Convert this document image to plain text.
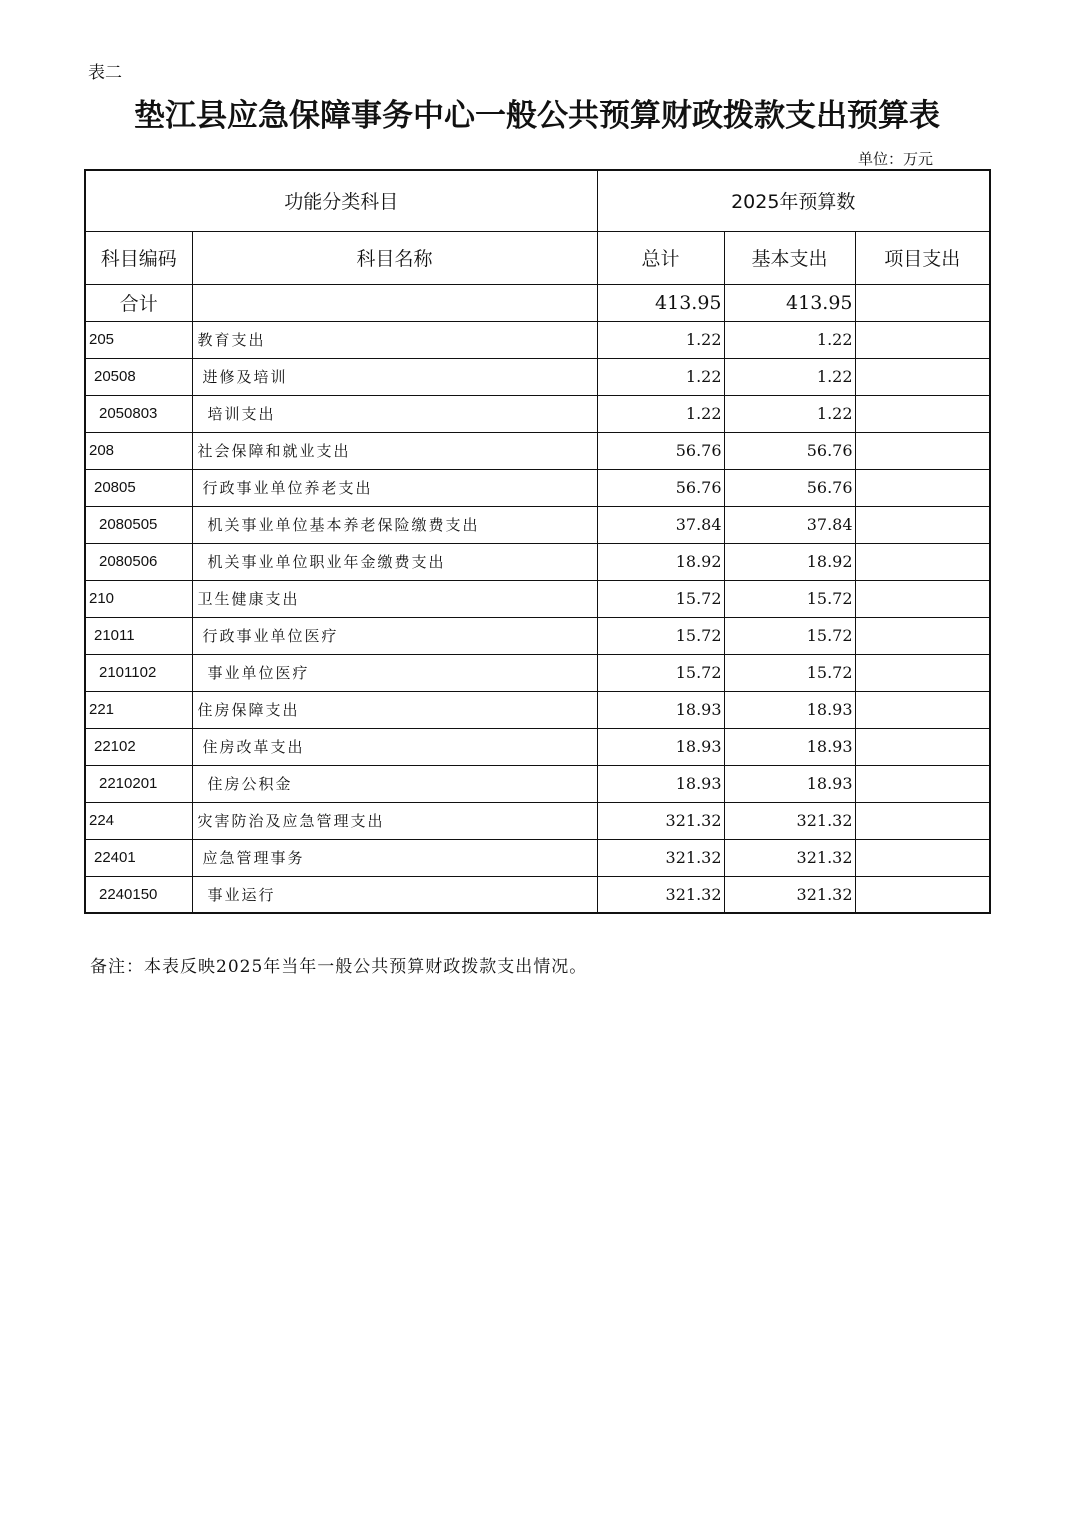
表二
垫江县应急保障事务中心一般公共预算财政拨款支出预算表
单位：万元
功能分类科目		2025年预算数		
科目编码	科目名称	总计	基本支出	项目支出
合计		413.95	413.95	
205	教育支出	1.22	1.22	
20508	进修及培训	1.22	1.22	
2050803	培训支出	1.22	1.22	
208	社会保障和就业支出	56.76	56.76	
20805	行政事业单位养老支出	56.76	56.76	
2080505	机关事业单位基本养老保险缴费支出	37.84	37.84	
2080506	机关事业单位职业年金缴费支出	18.92	18.92	
210	卫生健康支出	15.72	15.72	
21011	行政事业单位医疗	15.72	15.72	
2101102	事业单位医疗	15.72	15.72	
221	住房保障支出	18.93	18.93	
22102	住房改革支出	18.93	18.93	
2210201	住房公积金	18.93	18.93	
224	灾害防治及应急管理支出	321.32	321.32	
22401	应急管理事务	321.32	321.32	
2240150	事业运行	321.32	321.32	
备注：本表反映2025年当年一般公共预算财政拨款支出情况。
